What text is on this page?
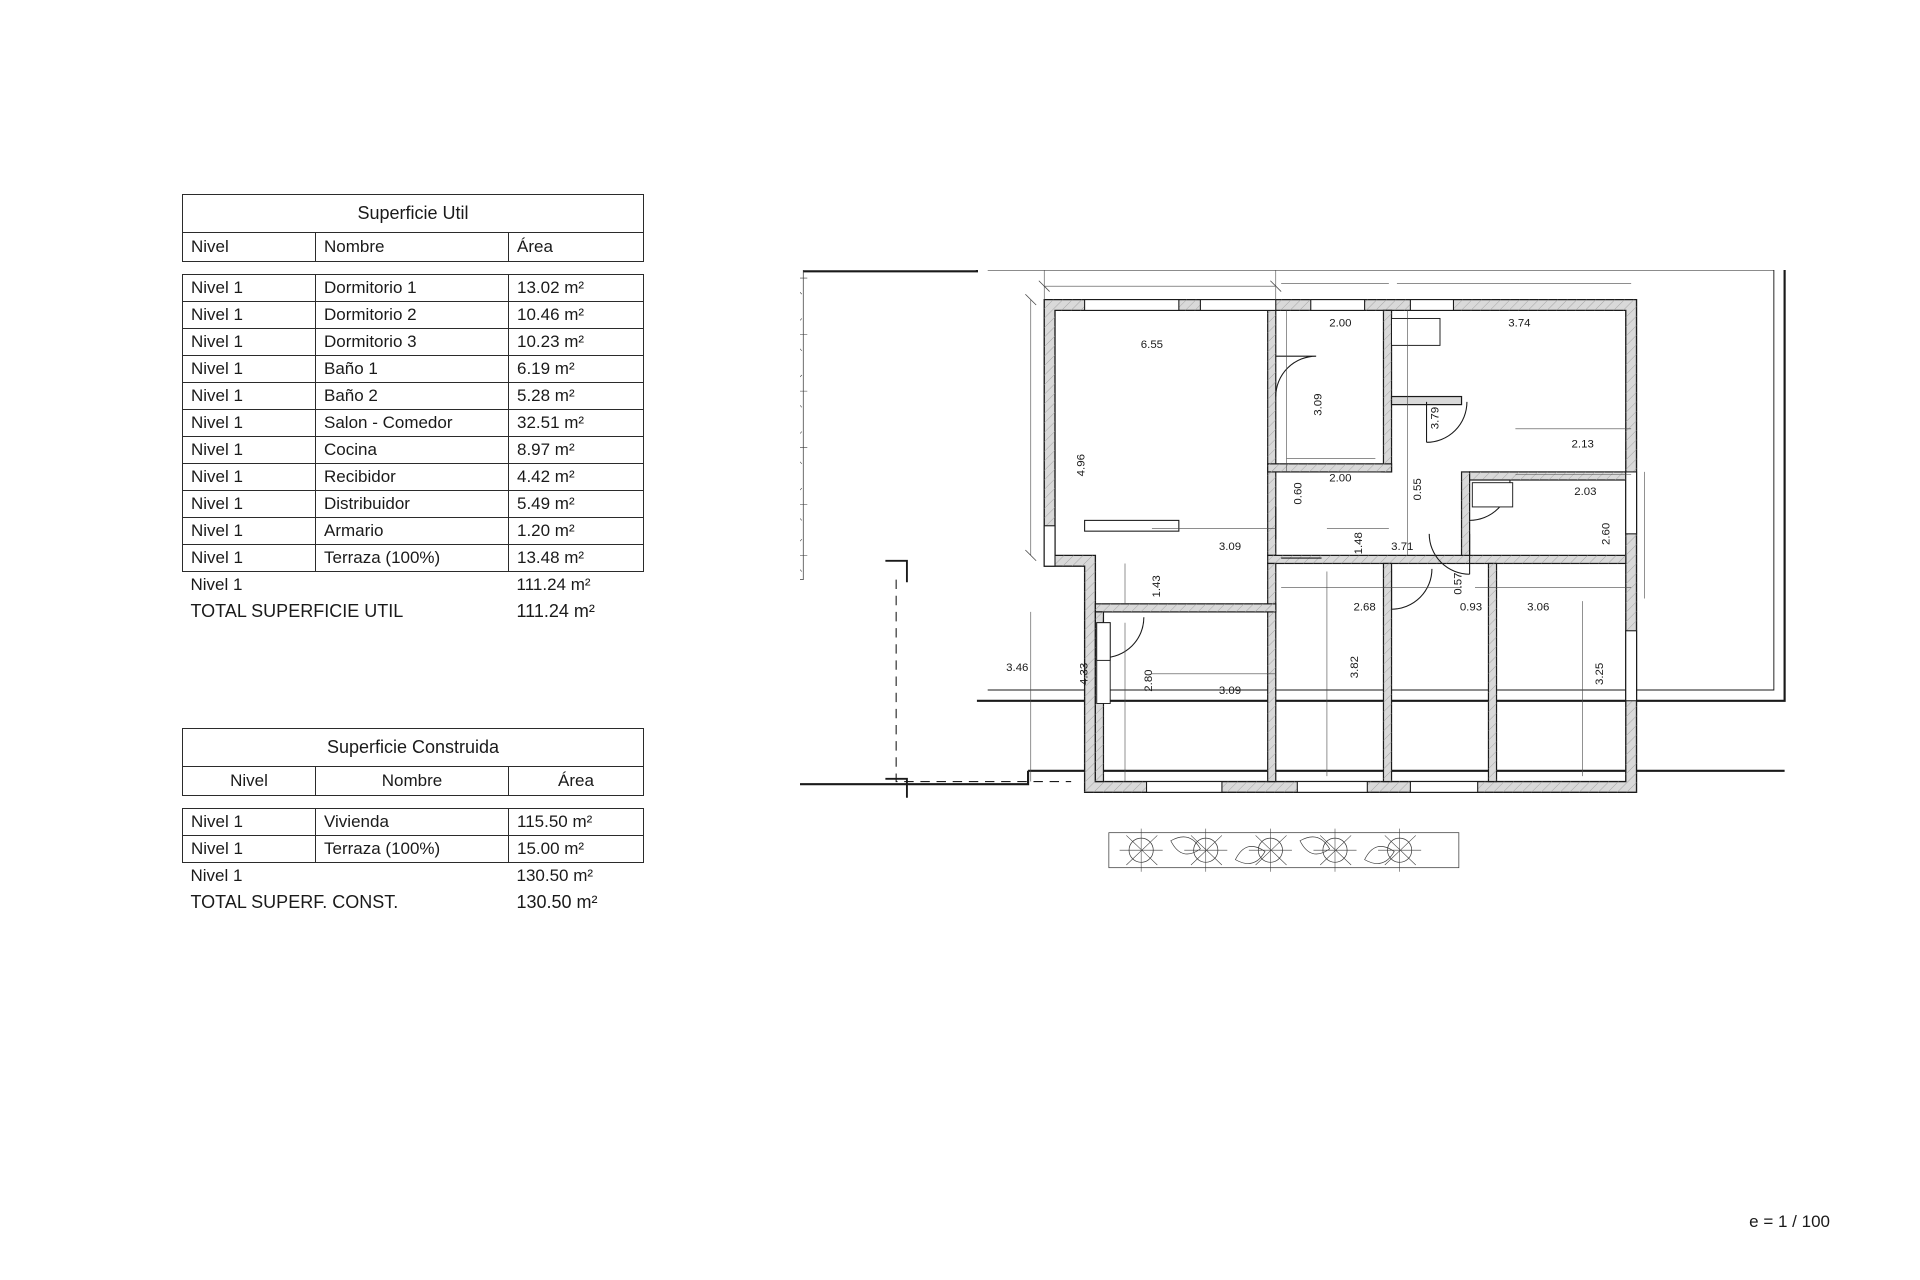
Superficie Util		
Nivel	Nombre	Área

Nivel 1	Dormitorio 1	13.02 m²
Nivel 1	Dormitorio 2	10.46 m²
Nivel 1	Dormitorio 3	10.23 m²
Nivel 1	Baño 1	6.19 m²
Nivel 1	Baño 2	5.28 m²
Nivel 1	Salon - Comedor	32.51 m²
Nivel 1	Cocina	8.97 m²
Nivel 1	Recibidor	4.42 m²
Nivel 1	Distribuidor	5.49 m²
Nivel 1	Armario	1.20 m²
Nivel 1	Terraza (100%)	13.48 m²
Nivel 1		111.24 m²
TOTAL SUPERFICIE UTIL		111.24 m²
Superficie Construida		
Nivel	Nombre	Área

Nivel 1	Vivienda	115.50 m²
Nivel 1	Terraza (100%)	15.00 m²
Nivel 1		130.50 m²
TOTAL SUPERF. CONST.		130.50 m²
6.55
4.96
2.00	3.74
3.09
3.79
2.13
2.00
0.60	0.55	2.03
1.48	3.71
3.09
2.60
1.43	0.57
0.93	3.06
2.68
3.46	4.33	2.80	3.09
3.82	3.25
e = 1 / 100
